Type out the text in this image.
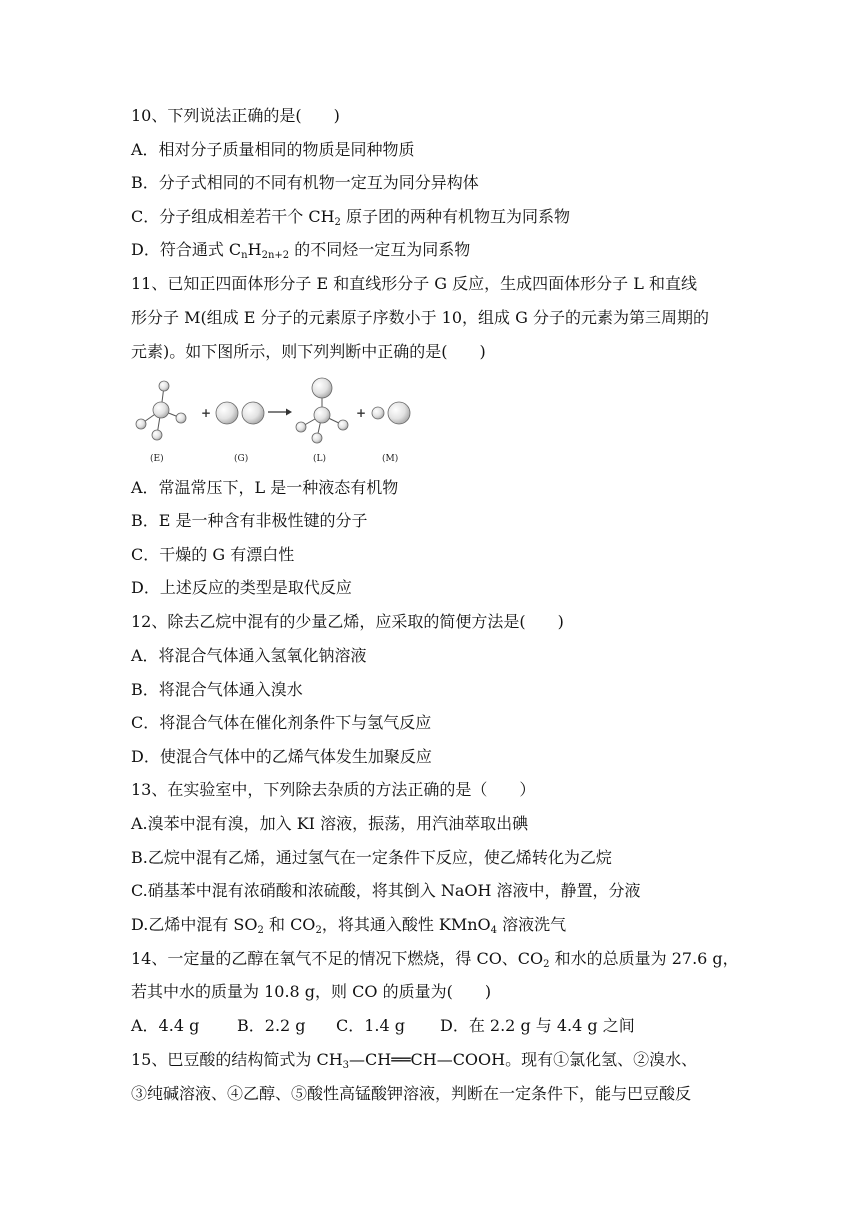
10、下列说法正确的是(　　)
A．相对分子质量相同的物质是同种物质
B．分子式相同的不同有机物一定互为同分异构体
C．分子组成相差若干个 $CH_2$ 原子团的两种有机物互为同系物
D．符合通式 $C_nH_{2n+2}$ 的不同烃一定互为同系物
11、已知正四面体形分子 E 和直线形分子 G 反应，生成四面体形分子 L 和直线
形分子 M(组成 E 分子的元素原子序数小于 10，组成 G 分子的元素为第三周期的
元素)。如下图所示，则下列判断中正确的是(　　)
+	+
(E)	(G)	(L)	(M)
A．常温常压下，L 是一种液态有机物
B．E 是一种含有非极性键的分子
C．干燥的 G 有漂白性
D．上述反应的类型是取代反应
12、除去乙烷中混有的少量乙烯，应采取的简便方法是(　　)
A．将混合气体通入氢氧化钠溶液
B．将混合气体通入溴水
C．将混合气体在催化剂条件下与氢气反应
D．使混合气体中的乙烯气体发生加聚反应
13、在实验室中，下列除去杂质的方法正确的是（　　）
A.溴苯中混有溴，加入 KI 溶液，振荡，用汽油萃取出碘
B.乙烷中混有乙烯，通过氢气在一定条件下反应，使乙烯转化为乙烷
C.硝基苯中混有浓硝酸和浓硫酸，将其倒入 NaOH 溶液中，静置，分液
D.乙烯中混有 $SO_2$ 和 $CO_2$，将其通入酸性 KMnO$_4$ 溶液洗气
14、一定量的乙醇在氧气不足的情况下燃烧，得 CO、$CO_2$ 和水的总质量为 27.6 g，
若其中水的质量为 10.8 g，则 CO 的质量为(　　)
A．4.4 g B．2.2 g C．1.4 g D．在 2.2 g 与 4.4 g 之间
15、巴豆酸的结构简式为 $CH_3—CH══CH—COOH$。现有①氯化氢、②溴水、
③纯碱溶液、④乙醇、⑤酸性高锰酸钾溶液，判断在一定条件下，能与巴豆酸反
